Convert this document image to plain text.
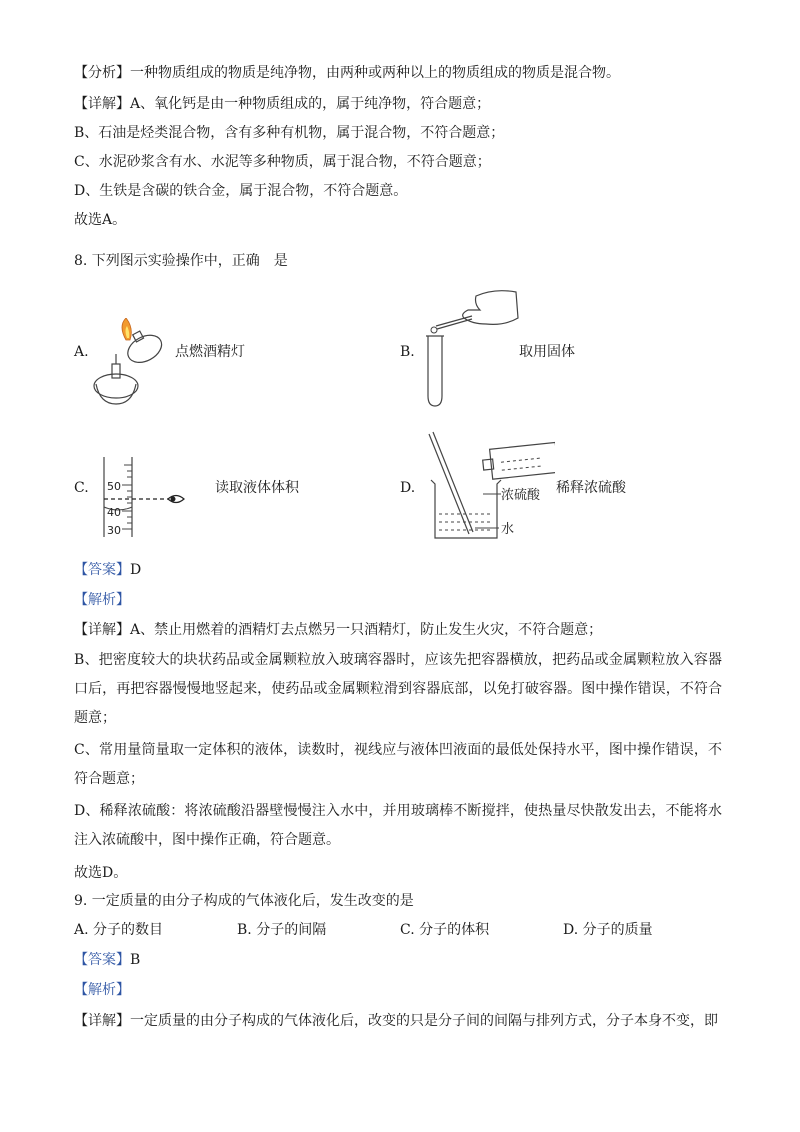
【分析】一种物质组成的物质是纯净物，由两种或两种以上的物质组成的物质是混合物。
【详解】A、氧化钙是由一种物质组成的，属于纯净物，符合题意；
B、石油是烃类混合物，含有多种有机物，属于混合物，不符合题意；
C、水泥砂浆含有水、水泥等多种物质，属于混合物，不符合题意；
D、生铁是含碳的铁合金，属于混合物，不符合题意。
故选A。
8. 下列图示实验操作中，正确　是
A.	点燃酒精灯	B.	取用固体
C. 50
40
30
读取液体体积	D.	浓硫酸
水
稀释浓硫酸
【答案】D
【解析】
【详解】A、禁止用燃着的酒精灯去点燃另一只酒精灯，防止发生火灾，不符合题意；
B、把密度较大的块状药品或金属颗粒放入玻璃容器时，应该先把容器横放，把药品或金属颗粒放入容器口后，再把容器慢慢地竖起来，使药品或金属颗粒滑到容器底部，以免打破容器。图中操作错误，不符合题意；
C、常用量筒量取一定体积的液体，读数时，视线应与液体凹液面的最低处保持水平，图中操作错误，不符合题意；
D、稀释浓硫酸：将浓硫酸沿器壁慢慢注入水中，并用玻璃棒不断搅拌，使热量尽快散发出去，不能将水注入浓硫酸中，图中操作正确，符合题意。
故选D。
9. 一定质量的由分子构成的气体液化后，发生改变的是
A. 分子的数目	B. 分子的间隔	C. 分子的体积	D. 分子的质量
【答案】B
【解析】
【详解】一定质量的由分子构成的气体液化后，改变的只是分子间的间隔与排列方式，分子本身不变，即
